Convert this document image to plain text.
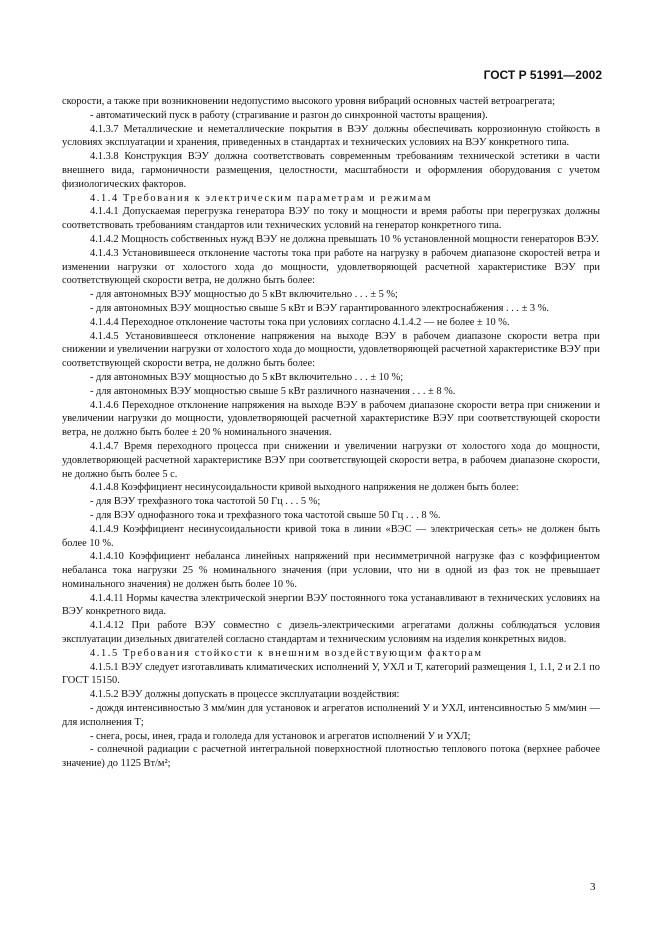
ГОСТ Р 51991—2002

скорости, а также при возникновении недопустимо высокого уровня вибраций основных частей ветроагрегата;

- автоматический пуск в работу (страгивание и разгон до синхронной частоты вращения).

4.1.3.7 Металлические и неметаллические покрытия в ВЭУ должны обеспечивать коррозионную стойкость в условиях эксплуатации и хранения, приведенных в стандартах и технических условиях на ВЭУ конкретного типа.

4.1.3.8 Конструкция ВЭУ должна соответствовать современным требованиям технической эстетики в части внешнего вида, гармоничности размещения, целостности, масштабности и оформления оборудования с учетом физиологических факторов.

4.1.4 Требования к электрическим параметрам и режимам

4.1.4.1 Допускаемая перегрузка генератора ВЭУ по току и мощности и время работы при перегрузках должны соответствовать требованиям стандартов или технических условий на генератор конкретного типа.

4.1.4.2 Мощность собственных нужд ВЭУ не должна превышать 10 % установленной мощности генераторов ВЭУ.

4.1.4.3 Установившееся отклонение частоты тока при работе на нагрузку в рабочем диапазоне скоростей ветра и изменении нагрузки от холостого хода до мощности, удовлетворяющей расчетной характеристике ВЭУ при соответствующей скорости ветра, не должно быть более:

- для автономных ВЭУ мощностью до 5 кВт включительно . . . ± 5 %;

- для автономных ВЭУ мощностью свыше 5 кВт и ВЭУ гарантированного электроснабжения . . . ± 3 %.

4.1.4.4 Переходное отклонение частоты тока при условиях согласно 4.1.4.2 — не более ± 10 %.

4.1.4.5 Установившееся отклонение напряжения на выходе ВЭУ в рабочем диапазоне скорости ветра при снижении и увеличении нагрузки от холостого хода до мощности, удовлетворяющей расчетной характеристике ВЭУ при соответствующей скорости ветра, не должно быть более:

- для автономных ВЭУ мощностью до 5 кВт включительно . . . ± 10 %;

- для автономных ВЭУ мощностью свыше 5 кВт различного назначения . . . ± 8 %.

4.1.4.6 Переходное отклонение напряжения на выходе ВЭУ в рабочем диапазоне скорости ветра при снижении и увеличении нагрузки до мощности, удовлетворяющей расчетной характеристике ВЭУ при соответствующей скорости ветра, не должно быть более ± 20 % номинального значения.

4.1.4.7 Время переходного процесса при снижении и увеличении нагрузки от холостого хода до мощности, удовлетворяющей расчетной характеристике ВЭУ при соответствующей скорости ветра, в рабочем диапазоне скорости, не должно быть более 5 с.

4.1.4.8 Коэффициент несинусоидальности кривой выходного напряжения не должен быть более:

- для ВЭУ трехфазного тока частотой 50 Гц . . . 5 %;

- для ВЭУ однофазного тока и трехфазного тока частотой свыше 50 Гц . . . 8 %.

4.1.4.9 Коэффициент несинусоидальности кривой тока в линии «ВЭС — электрическая сеть» не должен быть более 10 %.

4.1.4.10 Коэффициент небаланса линейных напряжений при несимметричной нагрузке фаз с коэффициентом небаланса тока нагрузки 25 % номинального значения (при условии, что ни в одной из фаз ток не превышает номинального значения) не должен быть более 10 %.

4.1.4.11 Нормы качества электрической энергии ВЭУ постоянного тока устанавливают в технических условиях на ВЭУ конкретного вида.

4.1.4.12 При работе ВЭУ совместно с дизель-электрическими агрегатами должны соблюдаться условия эксплуатации дизельных двигателей согласно стандартам и техническим условиям на изделия конкретных видов.

4.1.5 Требования стойкости к внешним воздействующим факторам

4.1.5.1 ВЭУ следует изготавливать климатических исполнений У, УХЛ и Т, категорий размещения 1, 1.1, 2 и 2.1 по ГОСТ 15150.

4.1.5.2 ВЭУ должны допускать в процессе эксплуатации воздействия:

- дождя интенсивностью 3 мм/мин для установок и агрегатов исполнений У и УХЛ, интенсивностью 5 мм/мин — для исполнения Т;

- снега, росы, инея, града и гололеда для установок и агрегатов исполнений У и УХЛ;

- солнечной радиации с расчетной интегральной поверхностной плотностью теплового потока (верхнее рабочее значение) до 1125 Вт/м²;

3
